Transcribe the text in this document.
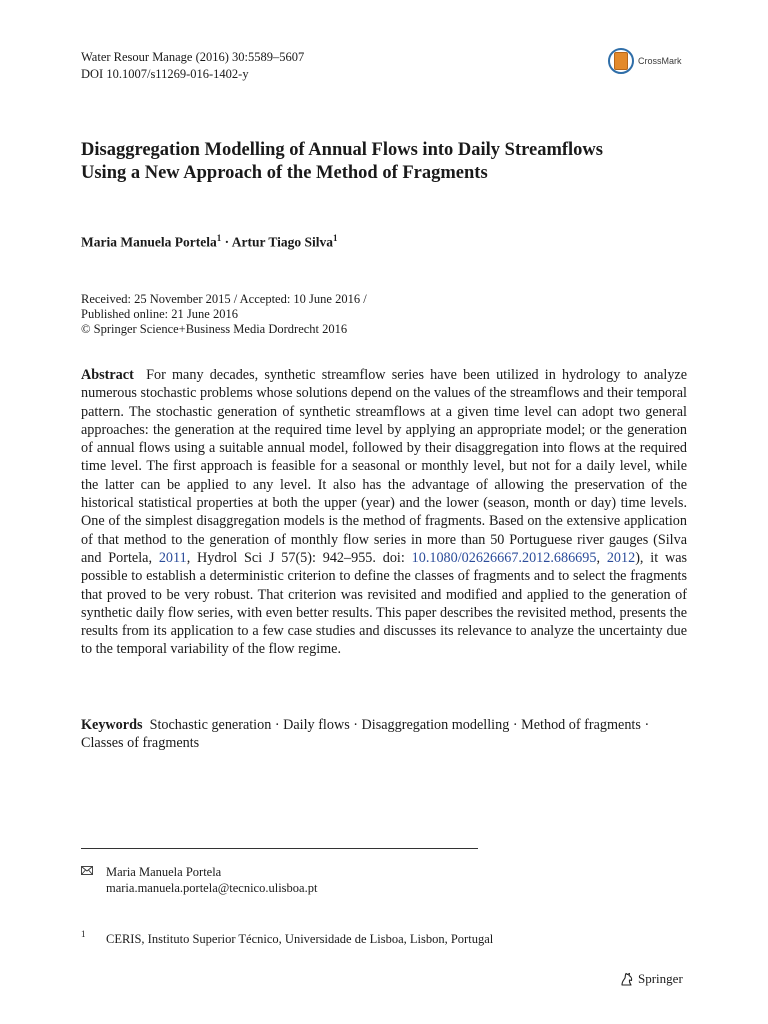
Water Resour Manage (2016) 30:5589–5607
DOI 10.1007/s11269-016-1402-y
CrossMark
Disaggregation Modelling of Annual Flows into Daily Streamflows Using a New Approach of the Method of Fragments
Maria Manuela Portela$^1$ · Artur Tiago Silva$^1$
Received: 25 November 2015 / Accepted: 10 June 2016 /
Published online: 21 June 2016
© Springer Science+Business Media Dordrecht 2016
Abstract For many decades, synthetic streamflow series have been utilized in hydrology to analyze numerous stochastic problems whose solutions depend on the values of the streamflows and their temporal pattern. The stochastic generation of synthetic streamflows at a given time level can adopt two general approaches: the generation at the required time level by applying an appropriate model; or the generation of annual flows using a suitable annual model, followed by their disaggregation into flows at the required time level. The first approach is feasible for a seasonal or monthly level, but not for a daily level, while the latter can be applied to any level. It also has the advantage of allowing the preservation of the historical statistical properties at both the upper (year) and the lower (season, month or day) time levels. One of the simplest disaggregation models is the method of fragments. Based on the extensive application of that method to the generation of monthly flow series in more than 50 Portuguese river gauges (Silva and Portela, 2011, Hydrol Sci J 57(5): 942–955. doi: 10.1080/02626667.2012.686695, 2012), it was possible to establish a deterministic criterion to define the classes of fragments and to select the fragments that proved to be very robust. That criterion was revisited and modified and applied to the generation of synthetic daily flow series, with even better results. This paper describes the revisited method, presents the results from its application to a few case studies and discusses its relevance to analyze the uncertainty due to the temporal variability of the flow regime.
Keywords Stochastic generation · Daily flows · Disaggregation modelling · Method of fragments · Classes of fragments
Maria Manuela Portela
maria.manuela.portela@tecnico.ulisboa.pt
1 CERIS, Instituto Superior Técnico, Universidade de Lisboa, Lisbon, Portugal
Springer
